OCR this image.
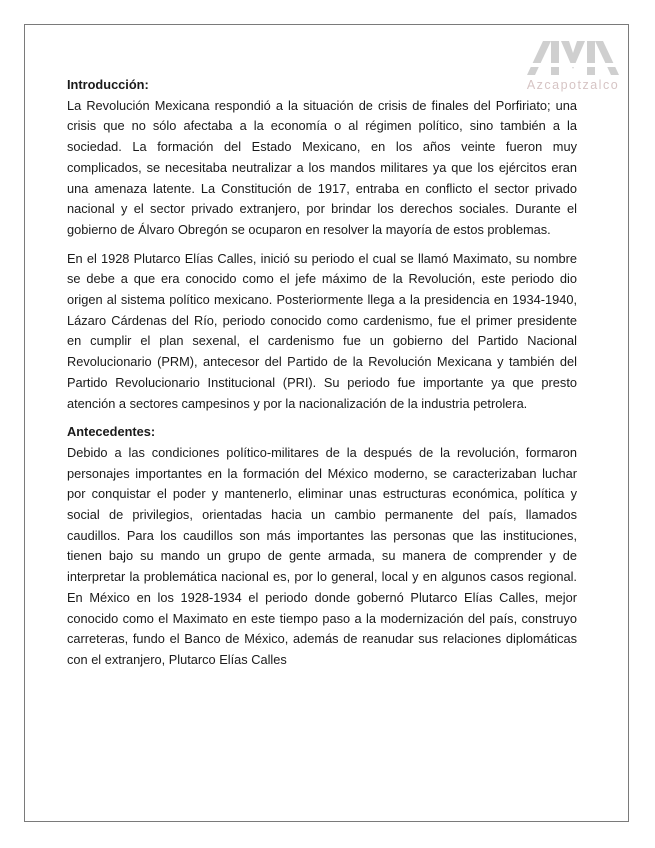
Azcapotzalco
Introducción:

La Revolución Mexicana respondió a la situación de crisis de finales del Porfiriato; una crisis que no sólo afectaba a la economía o al régimen político, sino también a la sociedad. La formación del Estado Mexicano, en los años veinte fueron muy complicados, se necesitaba neutralizar a los mandos militares ya que los ejércitos eran una amenaza latente. La Constitución de 1917, entraba en conflicto el sector privado nacional y el sector privado extranjero, por brindar los derechos sociales. Durante el gobierno de Álvaro Obregón se ocuparon en resolver la mayoría de estos problemas.

En el 1928 Plutarco Elías Calles, inició su periodo el cual se llamó Maximato, su nombre se debe a que era conocido como el jefe máximo de la Revolución, este periodo dio origen al sistema político mexicano. Posteriormente llega a la presidencia en 1934-1940, Lázaro Cárdenas del Río, periodo conocido como cardenismo, fue el primer presidente en cumplir el plan sexenal, el cardenismo fue un gobierno del Partido Nacional Revolucionario (PRM), antecesor del Partido de la Revolución Mexicana y también del Partido Revolucionario Institucional (PRI). Su periodo fue importante ya que presto atención a sectores campesinos y por la nacionalización de la industria petrolera.

Antecedentes:

Debido a las condiciones político-militares de la después de la revolución, formaron personajes importantes en la formación del México moderno, se caracterizaban luchar por conquistar el poder y mantenerlo, eliminar unas estructuras económica, política y social de privilegios, orientadas hacia un cambio permanente del país, llamados caudillos. Para los caudillos son más importantes las personas que las instituciones, tienen bajo su mando un grupo de gente armada, su manera de comprender y de interpretar la problemática nacional es, por lo general, local y en algunos casos regional. En México en los 1928-1934 el periodo donde gobernó Plutarco Elías Calles, mejor conocido como el Maximato en este tiempo paso a la modernización del país, construyo carreteras, fundo el Banco de México, además de reanudar sus relaciones diplomáticas con el extranjero, Plutarco Elías Calles
